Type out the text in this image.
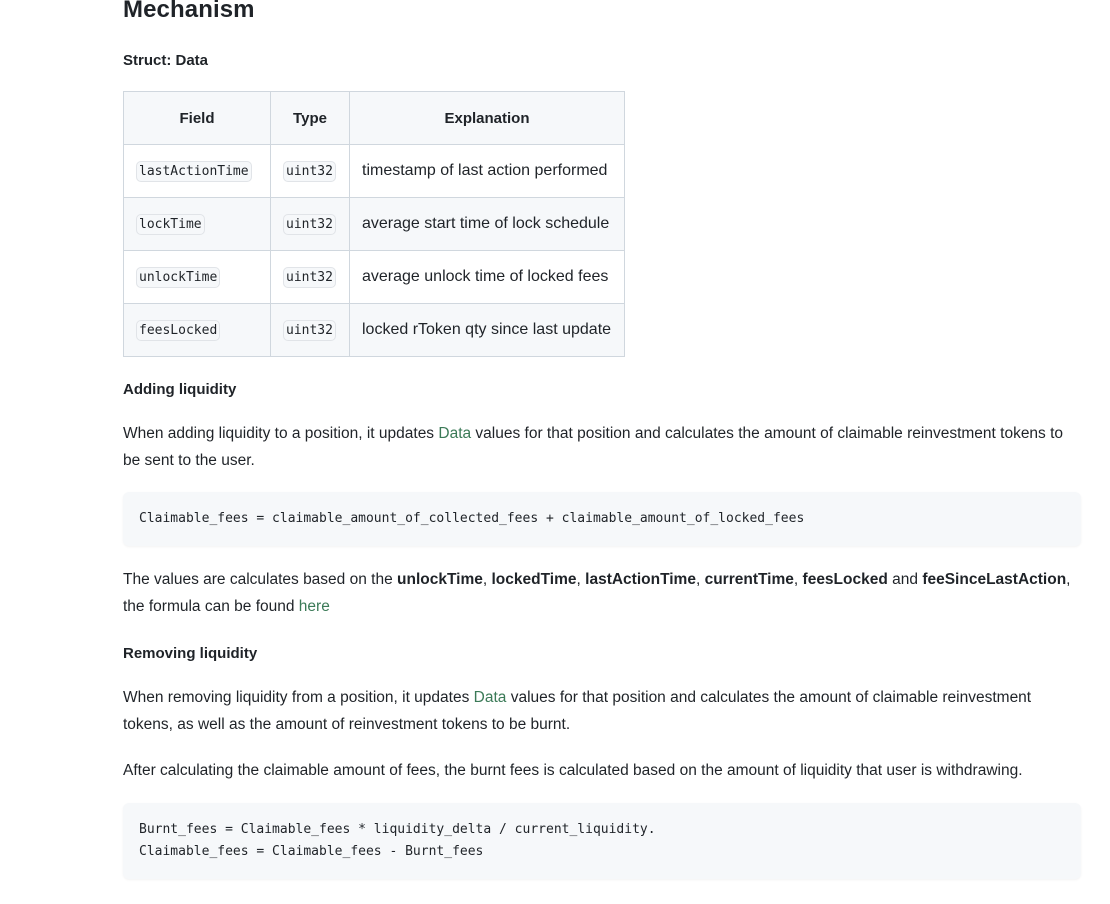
Mechanism
Struct: Data
Field	Type	Explanation
lastActionTime	uint32	timestamp of last action performed
lockTime	uint32	average start time of lock schedule
unlockTime	uint32	average unlock time of locked fees
feesLocked	uint32	locked rToken qty since last update
Adding liquidity

When adding liquidity to a position, it updates Data values for that position and calculates the amount of claimable reinvestment tokens to be sent to the user.

Claimable_fees = claimable_amount_of_collected_fees + claimable_amount_of_locked_fees

The values are calculates based on the unlockTime, lockedTime, lastActionTime, currentTime, feesLocked and feeSinceLastAction, the formula can be found here

Removing liquidity

When removing liquidity from a position, it updates Data values for that position and calculates the amount of claimable reinvestment tokens, as well as the amount of reinvestment tokens to be burnt.

After calculating the claimable amount of fees, the burnt fees is calculated based on the amount of liquidity that user is withdrawing.

Burnt_fees = Claimable_fees * liquidity_delta / current_liquidity.
Claimable_fees = Claimable_fees - Burnt_fees
